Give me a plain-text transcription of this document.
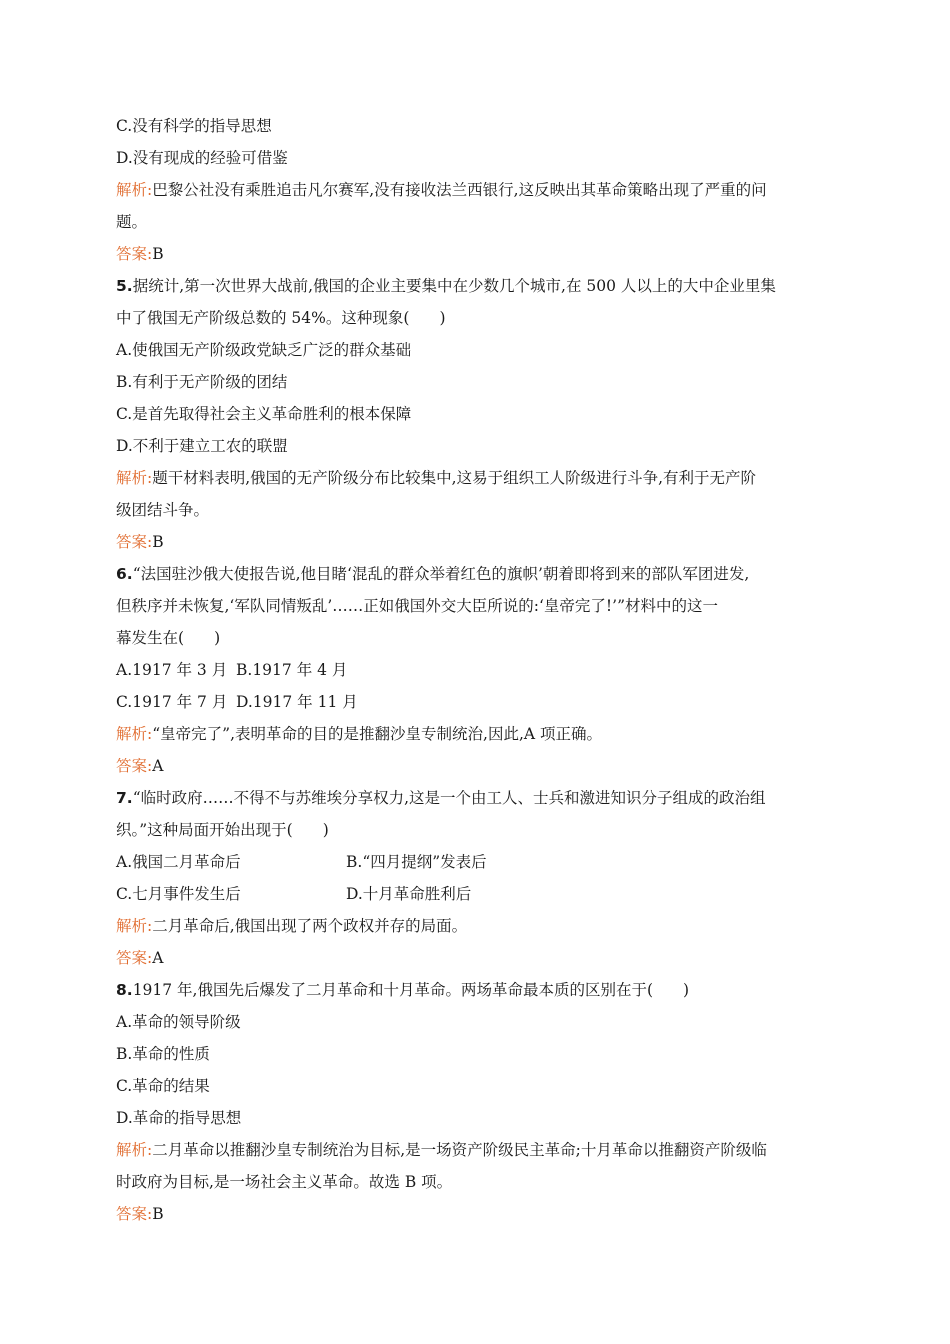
C.没有科学的指导思想
D.没有现成的经验可借鉴
解析:巴黎公社没有乘胜追击凡尔赛军,没有接收法兰西银行,这反映出其革命策略出现了严重的问
题。
答案:B
5.据统计,第一次世界大战前,俄国的企业主要集中在少数几个城市,在 500 人以上的大中企业里集
中了俄国无产阶级总数的 54%。这种现象( )
A.使俄国无产阶级政党缺乏广泛的群众基础
B.有利于无产阶级的团结
C.是首先取得社会主义革命胜利的根本保障
D.不利于建立工农的联盟
解析:题干材料表明,俄国的无产阶级分布比较集中,这易于组织工人阶级进行斗争,有利于无产阶
级团结斗争。
答案:B
6.“法国驻沙俄大使报告说,他目睹‘混乱的群众举着红色的旗帜’朝着即将到来的部队军团进发,
但秩序并未恢复,‘军队同情叛乱’……正如俄国外交大臣所说的:‘皇帝完了!’”材料中的这一
幕发生在( )
A.1917 年 3 月 B.1917 年 4 月
C.1917 年 7 月 D.1917 年 11 月
解析:“皇帝完了”,表明革命的目的是推翻沙皇专制统治,因此,A 项正确。
答案:A
7.“临时政府……不得不与苏维埃分享权力,这是一个由工人、士兵和激进知识分子组成的政治组
织。”这种局面开始出现于( )
A.俄国二月革命后	B.“四月提纲”发表后
C.七月事件发生后	D.十月革命胜利后
解析:二月革命后,俄国出现了两个政权并存的局面。
答案:A
8.1917 年,俄国先后爆发了二月革命和十月革命。两场革命最本质的区别在于( )
A.革命的领导阶级
B.革命的性质
C.革命的结果
D.革命的指导思想
解析:二月革命以推翻沙皇专制统治为目标,是一场资产阶级民主革命;十月革命以推翻资产阶级临
时政府为目标,是一场社会主义革命。故选 B 项。
答案:B
